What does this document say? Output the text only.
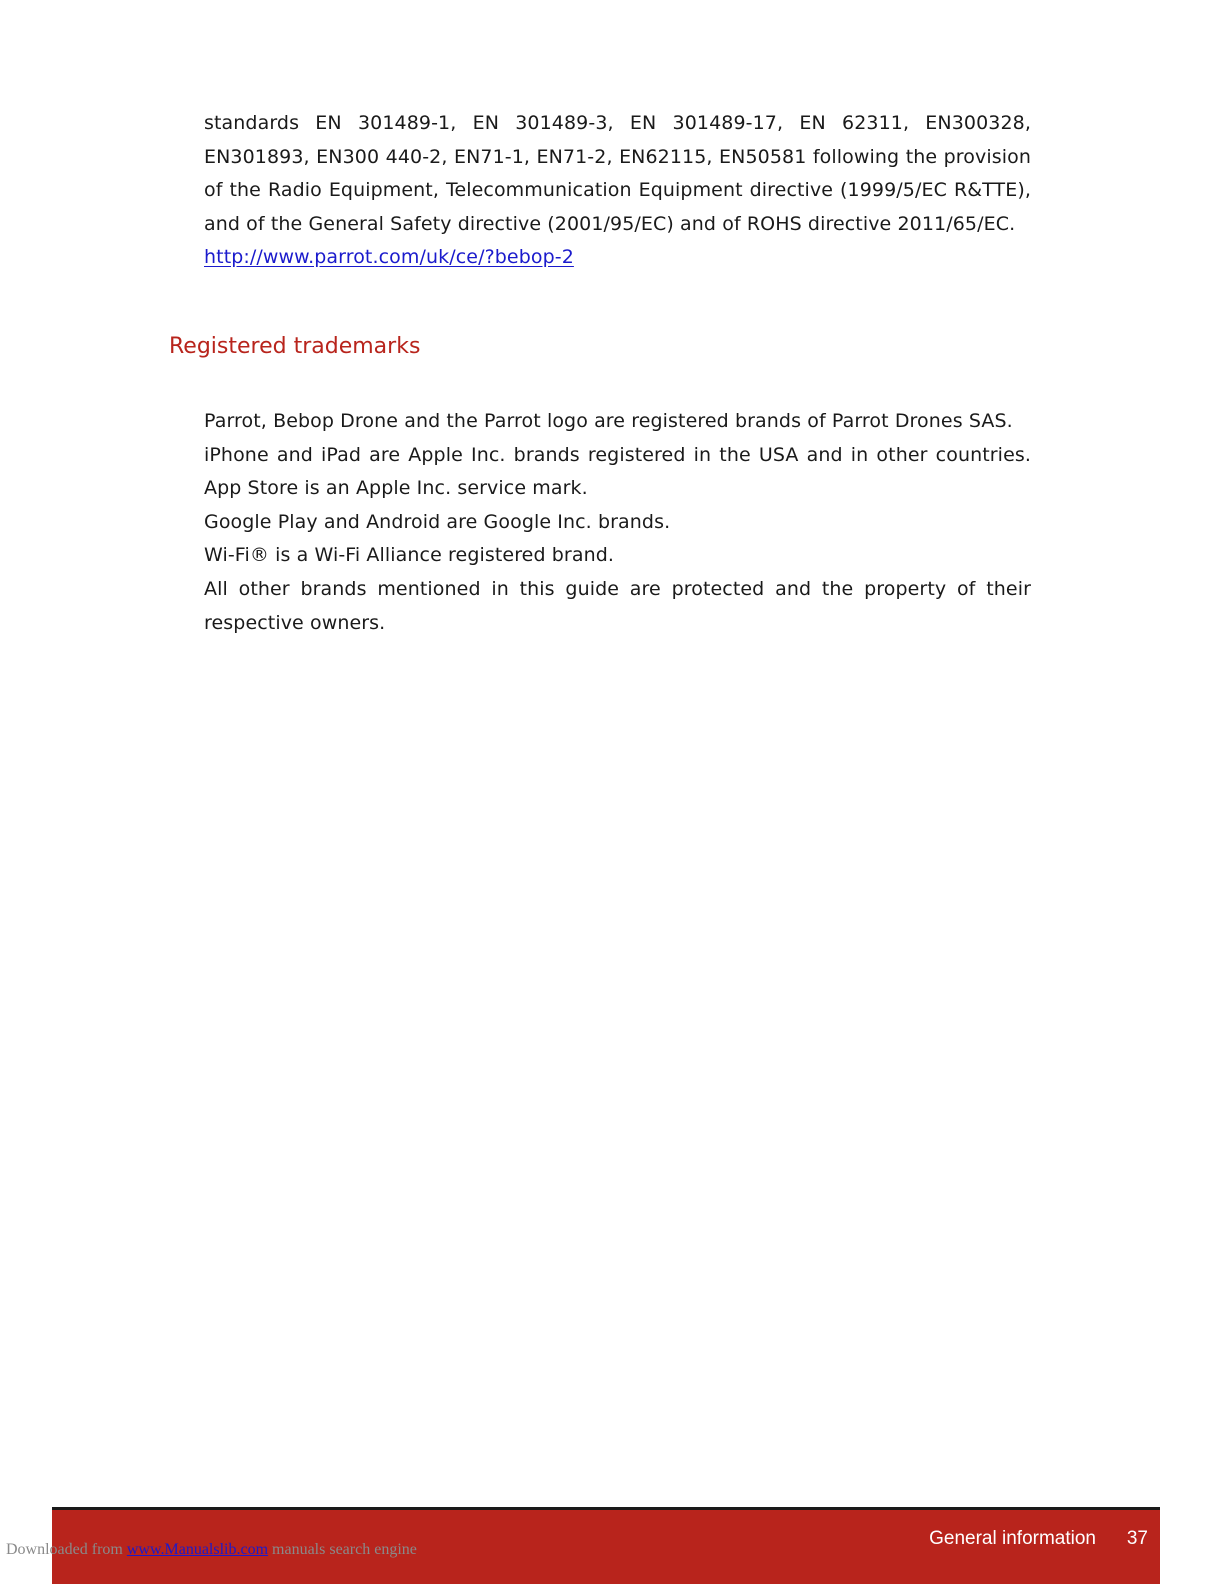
standards EN 301489-1, EN 301489-3, EN 301489-17, EN 62311, EN300328, EN301893, EN300 440-2, EN71-1, EN71-2, EN62115, EN50581 following the provision of the Radio Equipment, Telecommunication Equipment directive (1999/5/EC R&TTE), and of the General Safety directive (2001/95/EC) and of ROHS directive 2011/65/EC.

http://www.parrot.com/uk/ce/?bebop-2
Registered trademarks

Parrot, Bebop Drone and the Parrot logo are registered brands of Parrot Drones SAS.

iPhone and iPad are Apple Inc. brands registered in the USA and in other countries. App Store is an Apple Inc. service mark.

Google Play and Android are Google Inc. brands.

Wi-Fi® is a Wi-Fi Alliance registered brand.

All other brands mentioned in this guide are protected and the property of their respective owners.

General information 37
Downloaded from www.Manualslib.com manuals search engine
